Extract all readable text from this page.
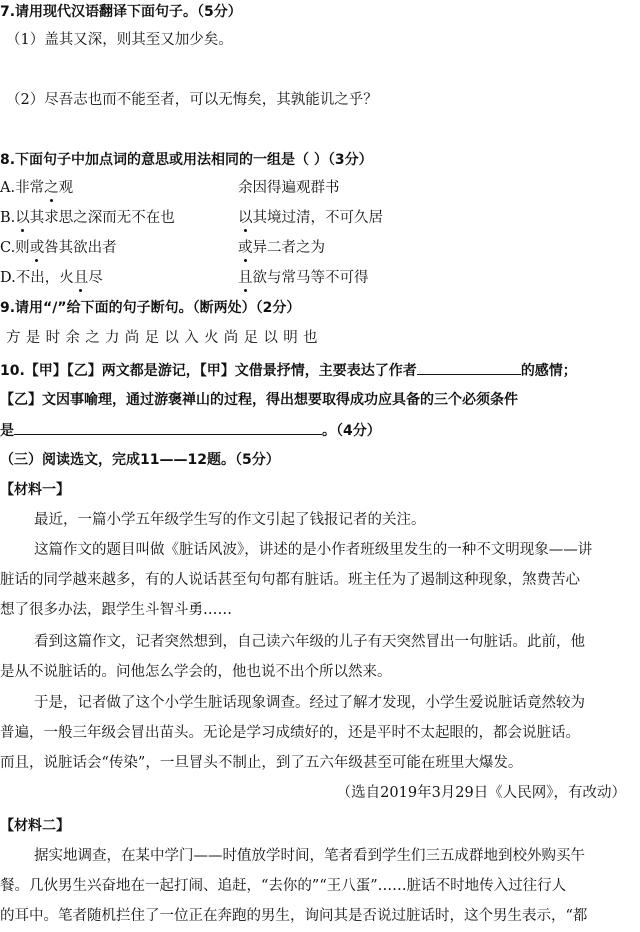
7.请用现代汉语翻译下面句子。（5分）
（1）盖其又深，则其至又加少矣。
（2）尽吾志也而不能至者，可以无悔矣，其孰能讥之乎？
8.下面句子中加点词的意思或用法相同的一组是（ ）（3分）
A.非常之观	余因得遍观群书
B.以其求思之深而无不在也	以其境过清，不可久居
C.则或咎其欲出者	或异二者之为
D.不出，火且尽	且欲与常马等不可得
9.请用“/”给下面的句子断句。（断两处）（2分）
方是时余之力尚足以入火尚足以明也
10.【甲】【乙】两文都是游记，【甲】文借景抒情，主要表达了作者	的感情；
【乙】文因事喻理，通过游褒禅山的过程，得出想要取得成功应具备的三个必须条件
是	。（4分）
（三）阅读选文，完成11——12题。（5分）
【材料一】
最近，一篇小学五年级学生写的作文引起了钱报记者的关注。
这篇作文的题目叫做《脏话风波》，讲述的是小作者班级里发生的一种不文明现象——讲
脏话的同学越来越多，有的人说话甚至句句都有脏话。班主任为了遏制这种现象，煞费苦心
想了很多办法，跟学生斗智斗勇……
看到这篇作文，记者突然想到，自己读六年级的儿子有天突然冒出一句脏话。此前，他
是从不说脏话的。问他怎么学会的，他也说不出个所以然来。
于是，记者做了这个小学生脏话现象调查。经过了解才发现，小学生爱说脏话竟然较为
普遍，一般三年级会冒出苗头。无论是学习成绩好的，还是平时不太起眼的，都会说脏话。
而且，说脏话会“传染”，一旦冒头不制止，到了五六年级甚至可能在班里大爆发。
（选自2019年3月29日《人民网》，有改动）
【材料二】
据实地调查，在某中学门——时值放学时间，笔者看到学生们三五成群地到校外购买午
餐。几伙男生兴奋地在一起打闹、追赶，“去你的”“王八蛋”……脏话不时地传入过往行人
的耳中。笔者随机拦住了一位正在奔跑的男生，询问其是否说过脏话时，这个男生表示，“都
